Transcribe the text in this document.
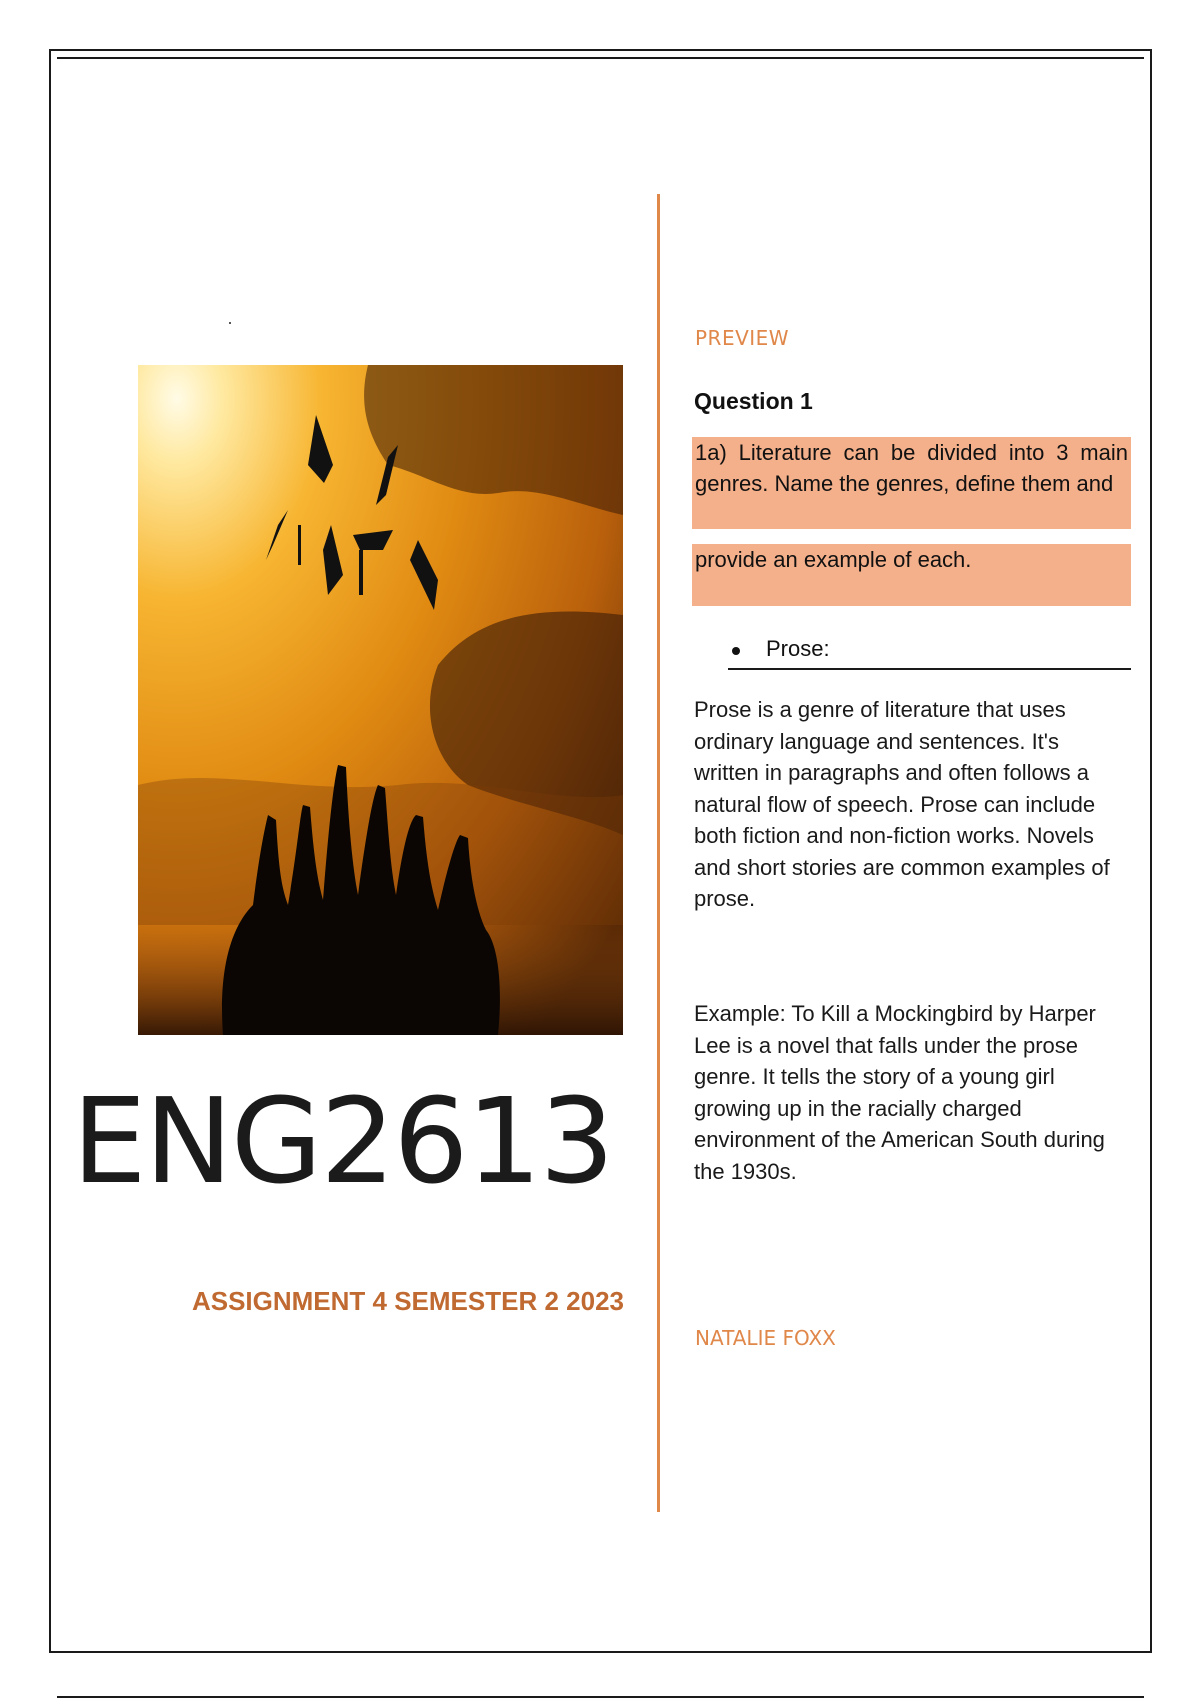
ENG2613
ASSIGNMENT 4 SEMESTER 2 2023
PREVIEW
Question 1
1a) Literature can be divided into 3 main genres. Name the genres, define them and
provide an example of each.
Prose:
Prose is a genre of literature that uses ordinary language and sentences. It's written in paragraphs and often follows a natural flow of speech. Prose can include both fiction and non-fiction works. Novels and short stories are common examples of prose.
Example: To Kill a Mockingbird by Harper Lee is a novel that falls under the prose genre. It tells the story of a young girl growing up in the racially charged environment of the American South during the 1930s.
NATALIE FOXX
